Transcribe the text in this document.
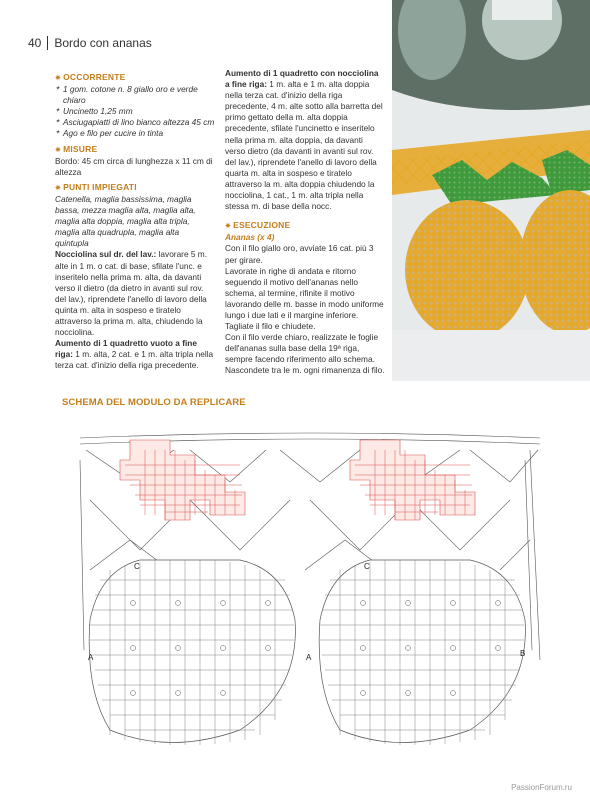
40	Bordo con ananas
✷ OCCORRENTE
✦ 1 gom. cotone n. 8 giallo oro e verde chiaro
✦ Uncinetto 1,25 mm
✦ Asciugapiatti di lino bianco altezza 45 cm
✦ Ago e filo per cucire in tinta
✷ MISURE

Bordo: 45 cm circa di lunghezza x 11 cm di altezza

✷ PUNTI IMPIEGATI

Catenella, maglia bassissima, maglia bassa, mezza maglia alta, maglia alta, maglia alta doppia, maglia alta tripla, maglia alta quadrupla, maglia alta quintupla

Nocciolina sul dr. del lav.: lavorare 5 m. alte in 1 m. o cat. di base, sfilate l'unc. e inseritelo nella prima m. alta, da davanti verso il dietro (da dietro in avanti sul rov. del lav.), riprendete l'anello di lavoro della quinta m. alta in sospeso e tiratelo attraverso la prima m. alta, chiudendo la nocciolina.

Aumento di 1 quadretto vuoto a fine riga: 1 m. alta, 2 cat. e 1 m. alta tripla nella terza cat. d'inizio della riga precedente.

Aumento di 1 quadretto con nocciolina a fine riga: 1 m. alta e 1 m. alta doppia nella terza cat. d'inizio della riga precedente, 4 m. alte sotto alla barretta del primo gettato della m. alta doppia precedente, sfilate l'uncinetto e inseritelo nella prima m. alta doppia, da davanti verso dietro (da davanti in avanti sul rov. del lav.), riprendete l'anello di lavoro della quarta m. alta in sospeso e tiratelo attraverso la m. alta doppia chiudendo la nocciolina, 1 cat., 1 m. alta tripla nella stessa m. di base della nocc.

✷ ESECUZIONE
Ananas (x 4)

Con il filo giallo oro, avviate 16 cat. più 3 per girare.

Lavorate in righe di andata e ritorno seguendo il motivo dell'ananas nello schema, al termine, rifinite il motivo lavorando delle m. basse in modo uniforme lungo i due lati e il margine inferiore. Tagliate il filo e chiudete.

Con il filo verde chiaro, realizzate le foglie dell'ananas sulla base della 19ª riga, sempre facendo riferimento allo schema. Nascondete tra le m. ogni rimanenza di filo.

SCHEMA DEL MODULO DA REPLICARE
C	C
A	A	B
PassionForum.ru
